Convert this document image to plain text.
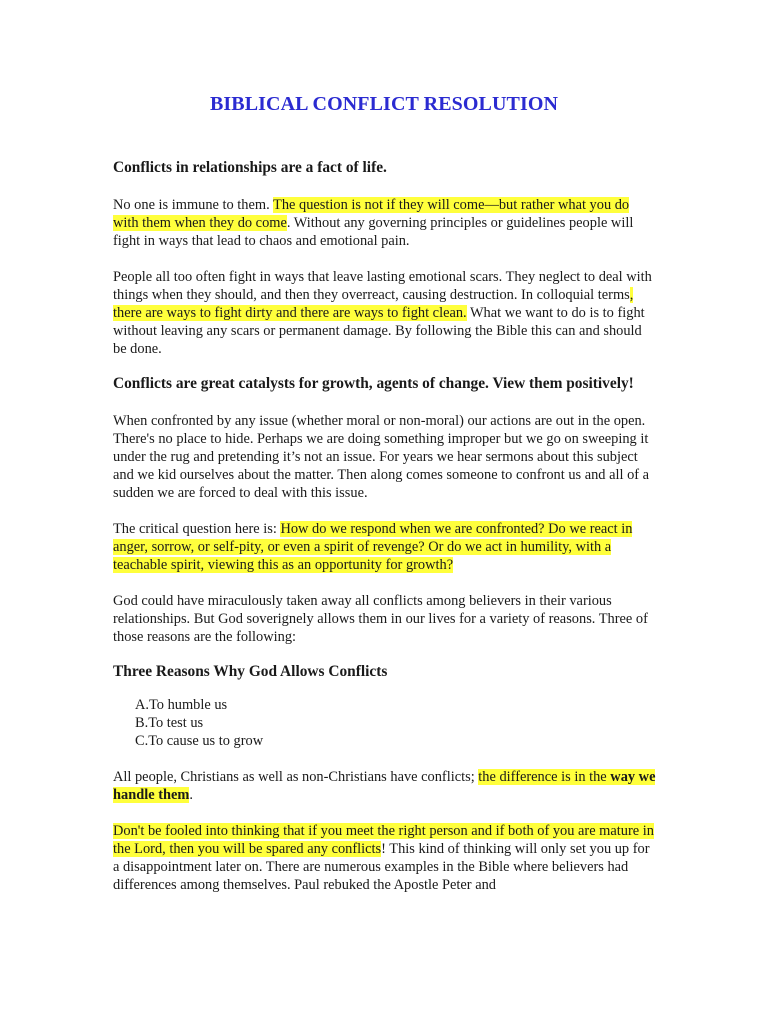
BIBLICAL CONFLICT RESOLUTION
Conflicts in relationships are a fact of life.

No one is immune to them. The question is not if they will come—but rather what you do with them when they do come. Without any governing principles or guidelines people will fight in ways that lead to chaos and emotional pain.

People all too often fight in ways that leave lasting emotional scars. They neglect to deal with things when they should, and then they overreact, causing destruction. In colloquial terms, there are ways to fight dirty and there are ways to fight clean. What we want to do is to fight without leaving any scars or permanent damage. By following the Bible this can and should be done.

Conflicts are great catalysts for growth, agents of change. View them positively!

When confronted by any issue (whether moral or non-moral) our actions are out in the open. There's no place to hide. Perhaps we are doing something improper but we go on sweeping it under the rug and pretending it’s not an issue. For years we hear sermons about this subject and we kid ourselves about the matter. Then along comes someone to confront us and all of a sudden we are forced to deal with this issue.

The critical question here is: How do we respond when we are confronted? Do we react in anger, sorrow, or self-pity, or even a spirit of revenge? Or do we act in humility, with a teachable spirit, viewing this as an opportunity for growth?

God could have miraculously taken away all conflicts among believers in their various relationships. But God soverignely allows them in our lives for a variety of reasons. Three of those reasons are the following:

Three Reasons Why God Allows Conflicts
A.To humble us
B.To test us
C.To cause us to grow

All people, Christians as well as non-Christians have conflicts; the difference is in the way we handle them.

Don't be fooled into thinking that if you meet the right person and if both of you are mature in the Lord, then you will be spared any conflicts! This kind of thinking will only set you up for a disappointment later on. There are numerous examples in the Bible where believers had differences among themselves. Paul rebuked the Apostle Peter and
